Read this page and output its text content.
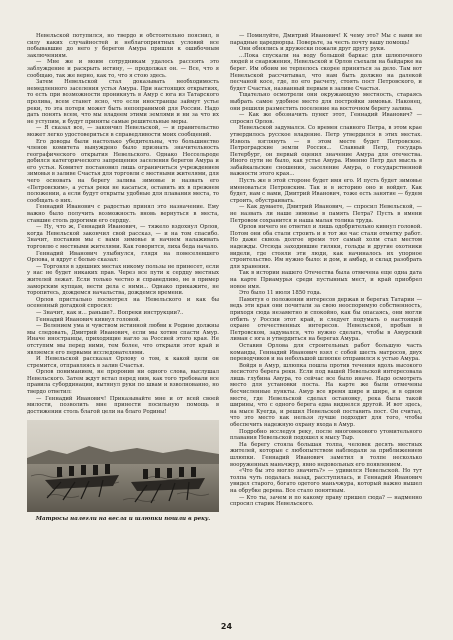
Невельской потупился, но твердо и обстоятельно пояснил, в силу каких случайностей и неблагоприятных условий все побывавшие до него у берегов Амура пришли к ошибочным заключениям.

— Мне же и моим сотрудникам удалось рассеять это заблуждение и раскрыть истину, — продолжал он. — Все, что я сообщаю, так же верно, как то, что я стою здесь.

Затем Невельской стал доказывать необходимость немедленного заселения устья Амура. При настоящих открытиях, то есть при возможности проникнуть в Амур с юга из Татарского пролива, всем станет ясно, что если иностранцы займут устье реки, то эта потеря может быть непоправимой для России. Надо дать понять всем, что мы владеем этими землями и ни за что их не уступим, и будут приняты самые решительные меры.

— Я сказал все, — закончил Невельской, — и правительство может легко удостовериться в справедливости моих сообщений.

Его доводы были настолько убедительны, что большинство членов комитета вынуждено было признать значительность географического открытия Невельского. Однако Нессельроде добился категорического запрещения заселения берегов Амура и его устья. Комитет постановил лишь ограничиться учреждением зимовья в заливе Счастья для торговли с местными жителями, для чего основать на берегу залива зимовье и назвать его «Петровским», а устья реки не касаться, оставить их в прежнем положении, а если будут открыты удобные для плавания места, то сообщать о них.

Геннадий Иванович с радостью принял это назначение. Ему важно было получить возможность вновь вернуться в места, ставшие столь дорогими его сердцу.

— Ну, что ж, Геннадий Иванович, — тяжело вздохнул Орлов, когда Невельской закончил свой рассказ, — и на том спасибо. Значит, поставим мы с вами зимовье и начнем налаживать торговлю с местными жителями. Как говорится, лиха беда начало.

Геннадий Иванович улыбнулся, глядя на повеселевшего Орлова, и вдруг с болью сказал:

— Торговля в здешних местах никому пользы не принесет, если у нас не будет никаких прав. Через все пути к сердцу местных жителей лежат. Если только честно и справедливо, не в пример заморским купцам, вести дела с ними... Однако прикажите, не торопитесь, дождемся начальства, дождемся времени.

Орлов пристально посмотрел на Невельского и как бы осененный догадкой спросил:

— Значит, как и... раньше?.. Вопреки инструкции?..

Геннадий Иванович кивнул головой.

— Велением ума и чувством истинной любви к Родине должны мы следовать, Дмитрий Иванович, если мы хотим спасти Амур. Иначе иностранцы, приходящие нагло за Россией этого края. Не отступим мы перед ними, тем более, что открыли этот край и являемся его первыми исследователями.

И Невельской рассказал Орлову о том, к какой цели он стремится, отправляясь в залив Счастья.

Орлов пониманием, не проронив ни одного слова, выслушал Невельского. Затем ждут встал перед ним, как того требовали все правила субординации, вытянул руки по швам и взволнованно, но твердо ответил:

— Геннадий Иванович! Приказывайте мне и от всей своей милости, позволить мне принести посильную помощь в достижении столь благой цели на благо Родины!

Матросы налегли на весла и шлюпки пошли в реку.

— Помилуйте, Дмитрий Иванович! К чему это? Мы с вами не парадные царедворцы. Поверьте, за честь почту вашу помощь!

Они обнялись и дружески пожали друг другу руки.

...Пока спускали на воду большой баркас для шлюпочного людей и снаряжения, Невельской и Орлов съехали на байдарке на берег. Им обоим не терпелось скорее приняться за дело. Там вот Невельской рассчитывал, что нам быть должно на далекой песчаной косе, где, по его расчету, стоять пост Петровского, и будет Счастья, названный первым в заливе Счастья.

Тщательно осмотрели они окружающую местность, стараясь выбрать самое удобное место для постройки зимовья. Наконец, они решили разместить поселение на восточном берегу залива.

— Как же обозначить пункт этот, Геннадий Иванович? — спросил Орлов.

Невельской задумался. Со времен славного Петра, в этом крае утвердилось русское владение. Петр утвердился в этих местах. Изволь взглянуть — в этом месте будет Петровское. Петроградские земли Россия... Славный Петр, государь Петербург, он первый оценил значение Амура для отечества. Иного пути не было, как устье Амура. Именно Петр дал мысль в забайкальские сношения, заселение Амура, о государственной важности этого края...

Пусть же в этой стороне будет имя его. И пусть будет зимовье именоваться Петровским. Так и в историю оно и войдет. Как будет, нам с вами, Дмитрий Иванович, тоже есть занятие — будем строить, обустраивать.

— Как думаете, Дмитрий Иванович, — спросил Невельской, — не назвать ли наше зимовье в память Петра? Пусть в имени Петровом сохранится и наша малая толика труда.

Орлов ничего не ответил и лишь одобрительно кивнул головой. Потом они оба стали строить и в тот же час стали отметку работ. Но даже сквозь долгое время тот самый холм стал местом надежды. Отсюда заходившие гиляки, гольды и другие охотники видели, где стояли эти люди, как начиналось их упорное строительство. Им нужно было: и дом, и амбар, и склад разобрать для хранения.

Так в истории нашего Отечества была отмечена еще одна дата на карте Приамурья среди пустынных мест, и край приобрел новое имя.

Это было 11 июля 1850 года.

Памятуя о положении интересов держав и берегах Татарии — ведь эти края они почитали за свою неоспоримую собственность, приходя сюда незаметно и спокойно, как бы опасаясь, они могли отбить у России этот край, и следует подумать о настоящей охране отечественных интересов. Невельской, пробыв в Петровском, задумался, что нужно сделать, чтобы в Амурский лиман с юга и утвердиться на берегах Амура.

Оставив Орлова для строительных работ большую часть команды, Геннадий Иванович взял с собой шесть матросов, двух переводчиков и на небольшой шлюпке отправился к устью Амура.

Войдя в Амур, шлюпка пошла против течения вдоль высокого лесистого берега реки. Если под вашей Невельской интересовала лишь глубина Амура, то сейчас все было иначе. Надо осмотреть место для установки поста. На карте же были отмечены бесчисленные пункты. Амур все время шире и шире, и в одном месте, где Невельской сделал остановку, река была такой ширины, что с одного берега едва виднелся другой. И вот здесь, на мысе Куегда, и решил Невельской поставить пост. Он считал, что это место как нельзя лучше подходит для того, чтобы обеспечить надежную охрану входа в Амур.

Подробно исследуя реку, после многовекового утомительного плавания Невельской подошел к мысу Тыр.

На берегу стояла большая толпа, человек десять местных жителей, которые с любопытством наблюдали за приближением шлюпки. Геннадий Иванович заметил в толпе несколько вооруженных маньчжур, явно недовольных его появлением.

«Что бы это могло значить?» — удивился Невельской. Но тут толпа чуть подалась назад, расступилась, и Геннадий Иванович увидел старого, богато одетого маньчжура, который важно вышел на обрубке дерева. Все стало понятным.

— Кто ты, зачем и по какому праву пришел сюда? — надменно спросил старик Невельского.

24
